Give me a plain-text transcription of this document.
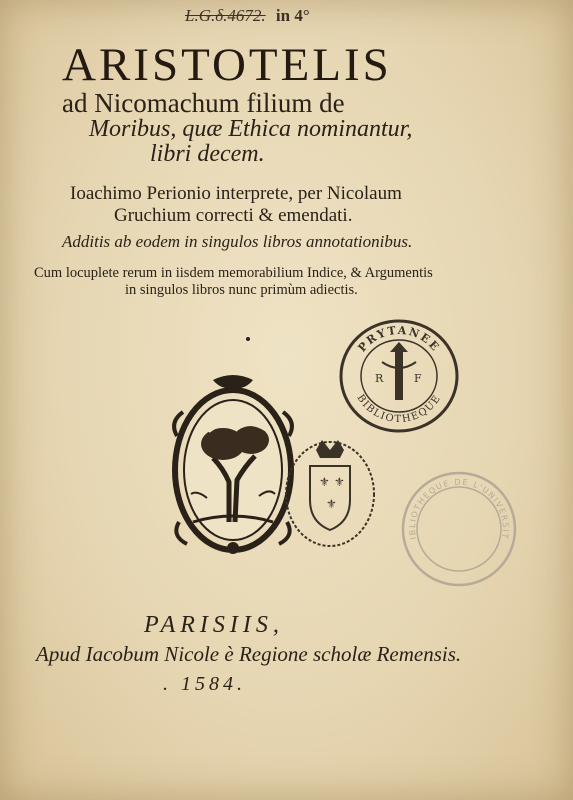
L.G.δ.4672. in 4°
ARISTOTELIS
ad Nicomachum filium de
Moribus, quæ Ethica nominantur,
libri decem.
Ioachimo Perionio interprete, per Nicolaum
Gruchium correcti & emendati.
Additis ab eodem in singulos libros annotationibus.
Cum locuplete rerum in iisdem memorabilium Indice, & Argumentis
in singulos libros nunc primùm adiectis.
⚜ ⚜
⚜
PRYTANEE
BIBLIOTHEQUE
R	F
IBLIOTHEQUE DE L'UNIVERSIT
PARISIIS,
Apud Iacobum Nicole è Regione scholæ Remensis.
. 1584.
